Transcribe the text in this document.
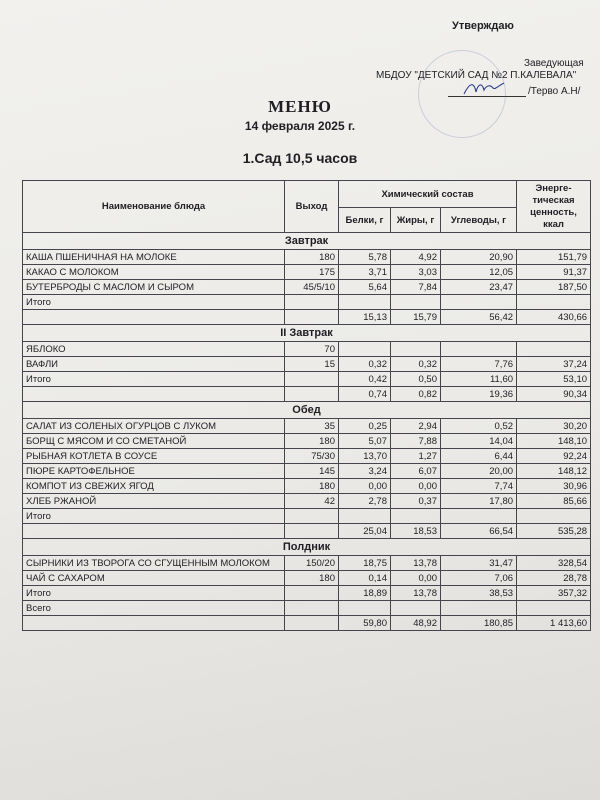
Утверждаю
Заведующая
МБДОУ "ДЕТСКИЙ САД №2 П.КАЛЕВАЛА"
/Терво А.Н/
МЕНЮ
14 февраля 2025 г.
1.Сад 10,5 часов
Наименование блюда	Выход	Химический состав			Энерге-тическая ценность, ккал
		Белки, г	Жиры, г	Углеводы, г	
Завтрак					
КАША ПШЕНИЧНАЯ НА МОЛОКЕ	180	5,78	4,92	20,90	151,79
КАКАО С МОЛОКОМ	175	3,71	3,03	12,05	91,37
БУТЕРБРОДЫ С МАСЛОМ И СЫРОМ	45/5/10	5,64	7,84	23,47	187,50
Итого					
		15,13	15,79	56,42	430,66
II Завтрак					
ЯБЛОКО	70				
ВАФЛИ	15	0,32	0,32	7,76	37,24
Итого		0,42	0,50	11,60	53,10
		0,74	0,82	19,36	90,34
Обед					
САЛАТ ИЗ СОЛЕНЫХ ОГУРЦОВ С ЛУКОМ	35	0,25	2,94	0,52	30,20
БОРЩ С МЯСОМ И СО СМЕТАНОЙ	180	5,07	7,88	14,04	148,10
РЫБНАЯ КОТЛЕТА В СОУСЕ	75/30	13,70	1,27	6,44	92,24
ПЮРЕ КАРТОФЕЛЬНОЕ	145	3,24	6,07	20,00	148,12
КОМПОТ ИЗ СВЕЖИХ ЯГОД	180	0,00	0,00	7,74	30,96
ХЛЕБ РЖАНОЙ	42	2,78	0,37	17,80	85,66
Итого					
		25,04	18,53	66,54	535,28
Полдник					
СЫРНИКИ ИЗ ТВОРОГА СО СГУЩЕННЫМ МОЛОКОМ	150/20	18,75	13,78	31,47	328,54
ЧАЙ С САХАРОМ	180	0,14	0,00	7,06	28,78
Итого		18,89	13,78	38,53	357,32
Всего					
		59,80	48,92	180,85	1 413,60
